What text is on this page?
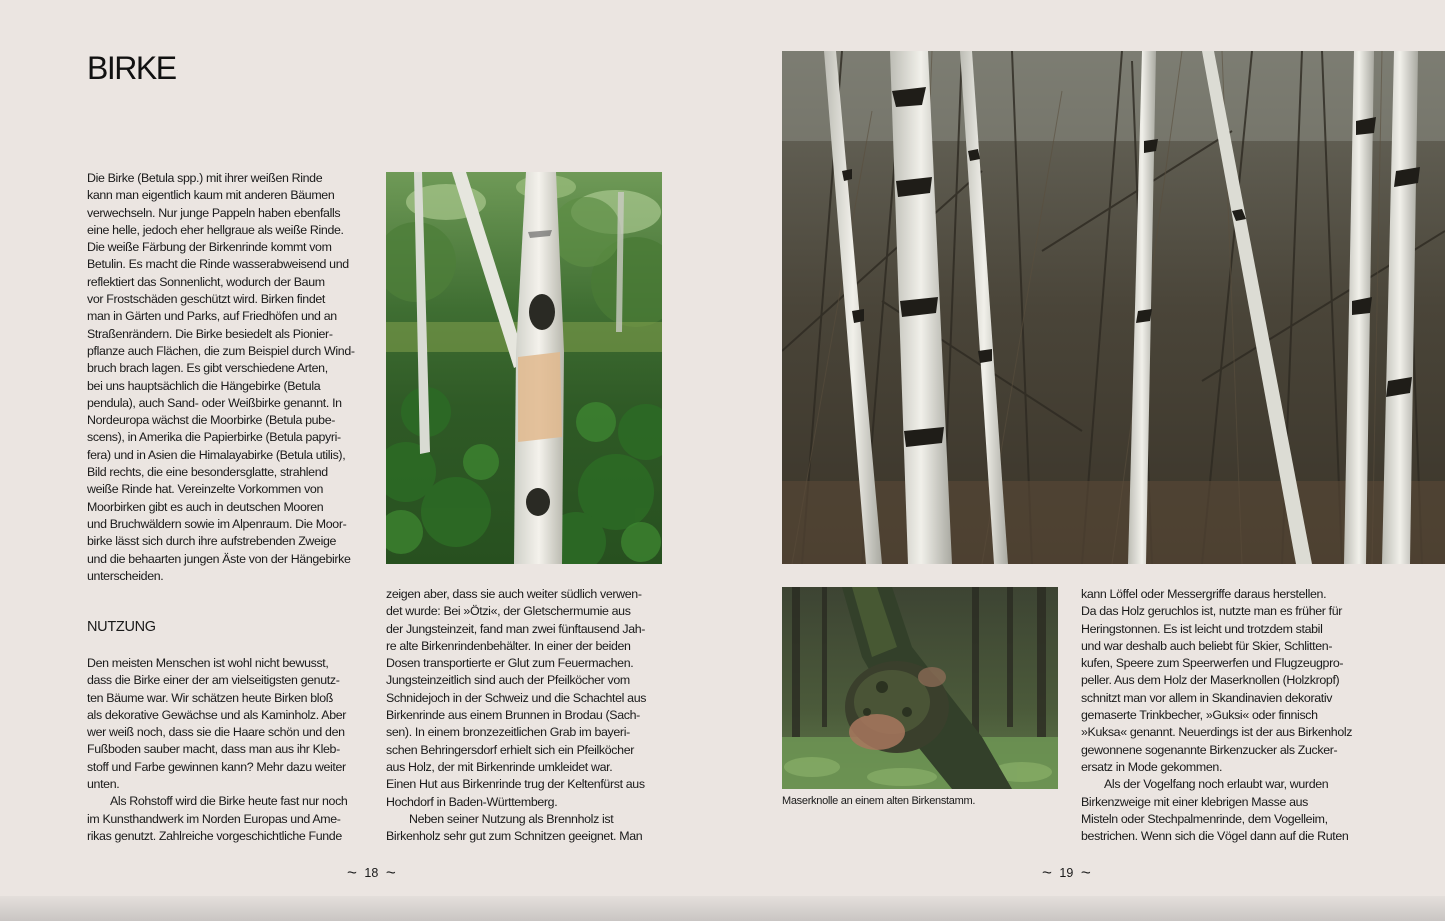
BIRKE

Die Birke (Betula spp.) mit ihrer weißen Rinde
kann man eigentlich kaum mit anderen Bäumen
verwechseln. Nur junge Pappeln haben ebenfalls
eine helle, jedoch eher hellgraue als weiße Rinde.
Die weiße Färbung der Birkenrinde kommt vom
Betulin. Es macht die Rinde wasserabweisend und
reflektiert das Sonnenlicht, wodurch der Baum
vor Frostschäden geschützt wird. Birken findet
man in Gärten und Parks, auf Friedhöfen und an
Straßenrändern. Die Birke besiedelt als Pionier-
pflanze auch Flächen, die zum Beispiel durch Wind-
bruch brach lagen. Es gibt verschiedene Arten,
bei uns hauptsächlich die Hängebirke (Betula
pendula), auch Sand- oder Weißbirke genannt. In
Nordeuropa wächst die Moorbirke (Betula pube-
scens), in Amerika die Papierbirke (Betula papyri-
fera) und in Asien die Himalayabirke (Betula utilis),
Bild rechts, die eine besondersglatte, strahlend
weiße Rinde hat. Vereinzelte Vorkommen von
Moorbirken gibt es auch in deutschen Mooren
und Bruchwäldern sowie im Alpenraum. Die Moor-
birke lässt sich durch ihre aufstrebenden Zweige
und die behaarten jungen Äste von der Hängebirke
unterscheiden.

NUTZUNG

Den meisten Menschen ist wohl nicht bewusst,
dass die Birke einer der am vielseitigsten genutz-
ten Bäume war. Wir schätzen heute Birken bloß
als dekorative Gewächse und als Kaminholz. Aber
wer weiß noch, dass sie die Haare schön und den
Fußboden sauber macht, dass man aus ihr Kleb-
stoff und Farbe gewinnen kann? Mehr dazu weiter
unten.

Als Rohstoff wird die Birke heute fast nur noch
im Kunsthandwerk im Norden Europas und Ame-
rikas genutzt. Zahlreiche vorgeschichtliche Funde

zeigen aber, dass sie auch weiter südlich verwen-
det wurde: Bei »Ötzi«, der Gletschermumie aus
der Jungsteinzeit, fand man zwei fünftausend Jah-
re alte Birkenrindenbehälter. In einer der beiden
Dosen transportierte er Glut zum Feuermachen.
Jungsteinzeitlich sind auch der Pfeilköcher vom
Schnidejoch in der Schweiz und die Schachtel aus
Birkenrinde aus einem Brunnen in Brodau (Sach-
sen). In einem bronzezeitlichen Grab im bayeri-
schen Behringersdorf erhielt sich ein Pfeilköcher
aus Holz, der mit Birkenrinde umkleidet war.
Einen Hut aus Birkenrinde trug der Keltenfürst aus
Hochdorf in Baden-Württemberg.

Neben seiner Nutzung als Brennholz ist
Birkenholz sehr gut zum Schnitzen geeignet. Man

~ 18 ~
Maserknolle an einem alten Birkenstamm.

kann Löffel oder Messergriffe daraus herstellen.
Da das Holz geruchlos ist, nutzte man es früher für
Heringstonnen. Es ist leicht und trotzdem stabil
und war deshalb auch beliebt für Skier, Schlitten-
kufen, Speere zum Speerwerfen und Flugzeugpro-
peller. Aus dem Holz der Maserknollen (Holzkropf)
schnitzt man vor allem in Skandinavien dekorativ
gemaserte Trinkbecher, »Guksi« oder finnisch
»Kuksa« genannt. Neuerdings ist der aus Birkenholz
gewonnene sogenannte Birkenzucker als Zucker-
ersatz in Mode gekommen.

Als der Vogelfang noch erlaubt war, wurden
Birkenzweige mit einer klebrigen Masse aus
Misteln oder Stechpalmenrinde, dem Vogelleim,
bestrichen. Wenn sich die Vögel dann auf die Ruten

~ 19 ~
